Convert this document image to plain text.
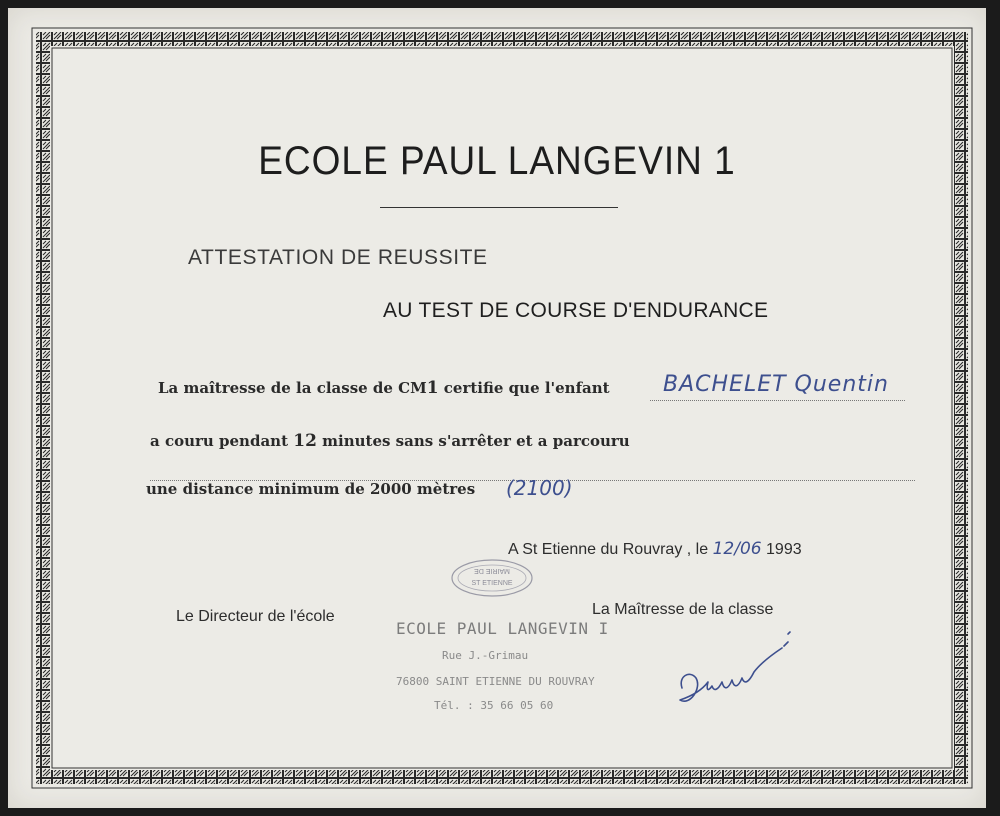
ECOLE PAUL LANGEVIN 1
ATTESTATION DE REUSSITE
AU TEST DE COURSE D'ENDURANCE
La maîtresse de la classe de CM1 certifie que l'enfant BACHELET Quentin
a couru pendant 12 minutes sans s'arrêter et a parcouru
une distance minimum de 2000 mètres (2100)
A St Etienne du Rouvray , le 12/06 1993
MAIRIE DE
ST ETIENNE
Le Directeur de l'école	La Maîtresse de la classe
ECOLE PAUL LANGEVIN I
Rue J.-Grimau
76800 SAINT ETIENNE DU ROUVRAY
Tél. : 35 66 05 60
